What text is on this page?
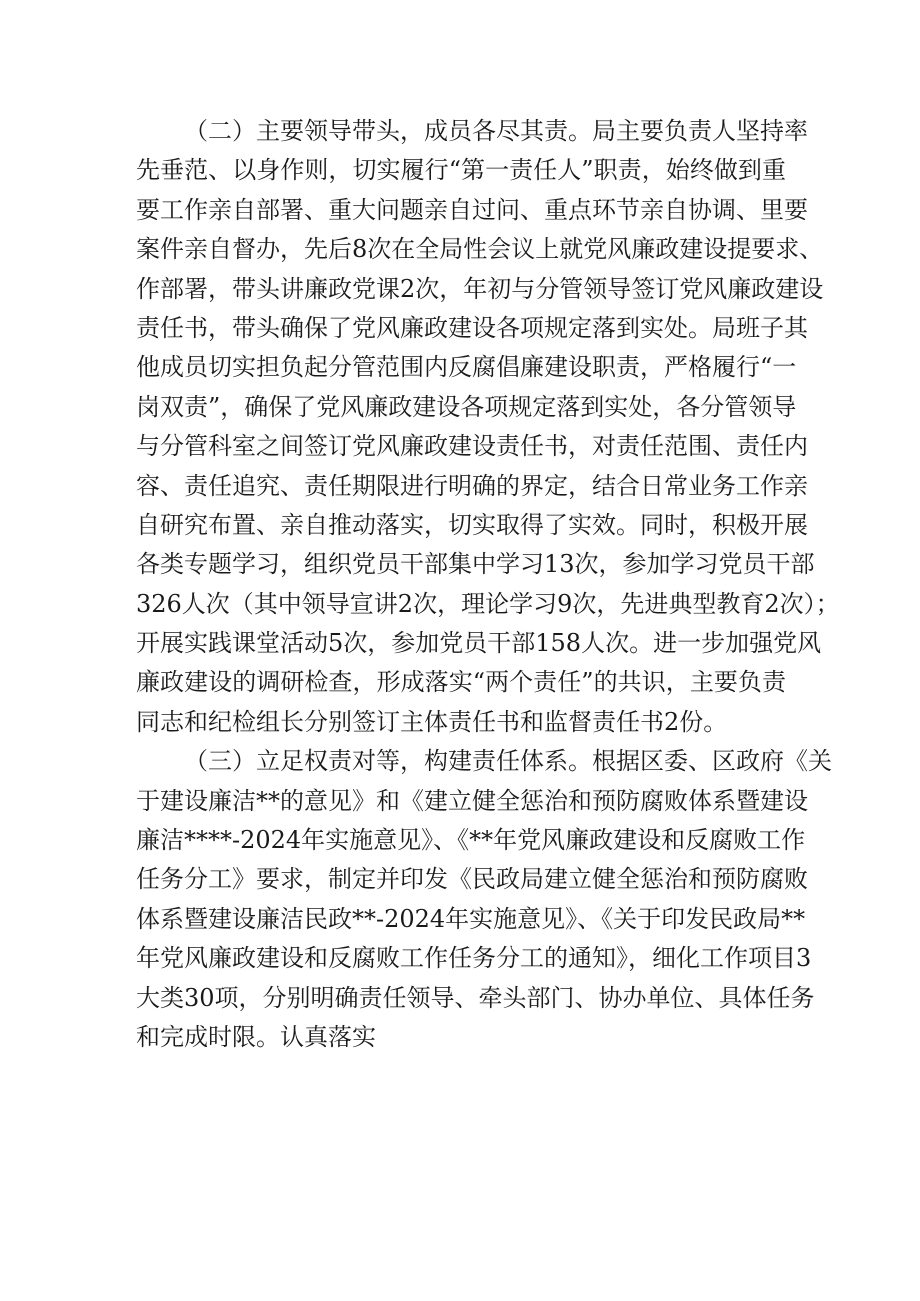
（二）主要领导带头，成员各尽其责。局主要负责人坚持率
先垂范、以身作则，切实履行“第一责任人”职责，始终做到重
要工作亲自部署、重大问题亲自过问、重点环节亲自协调、里要
案件亲自督办，先后8次在全局性会议上就党风廉政建设提要求、
作部署，带头讲廉政党课2次，年初与分管领导签订党风廉政建设
责任书，带头确保了党风廉政建设各项规定落到实处。局班子其
他成员切实担负起分管范围内反腐倡廉建设职责，严格履行“一
岗双责”，确保了党风廉政建设各项规定落到实处，各分管领导
与分管科室之间签订党风廉政建设责任书，对责任范围、责任内
容、责任追究、责任期限进行明确的界定，结合日常业务工作亲
自研究布置、亲自推动落实，切实取得了实效。同时，积极开展
各类专题学习，组织党员干部集中学习13次，参加学习党员干部
326人次（其中领导宣讲2次，理论学习9次，先进典型教育2次）；
开展实践课堂活动5次，参加党员干部158人次。进一步加强党风
廉政建设的调研检查，形成落实“两个责任”的共识，主要负责
同志和纪检组长分别签订主体责任书和监督责任书2份。
（三）立足权责对等，构建责任体系。根据区委、区政府《关
于建设廉洁**的意见》和《建立健全惩治和预防腐败体系暨建设
廉洁****-2024年实施意见》、《**年党风廉政建设和反腐败工作
任务分工》要求，制定并印发《民政局建立健全惩治和预防腐败
体系暨建设廉洁民政**-2024年实施意见》、《关于印发民政局**
年党风廉政建设和反腐败工作任务分工的通知》，细化工作项目3
大类30项，分别明确责任领导、牵头部门、协办单位、具体任务
和完成时限。认真落实
